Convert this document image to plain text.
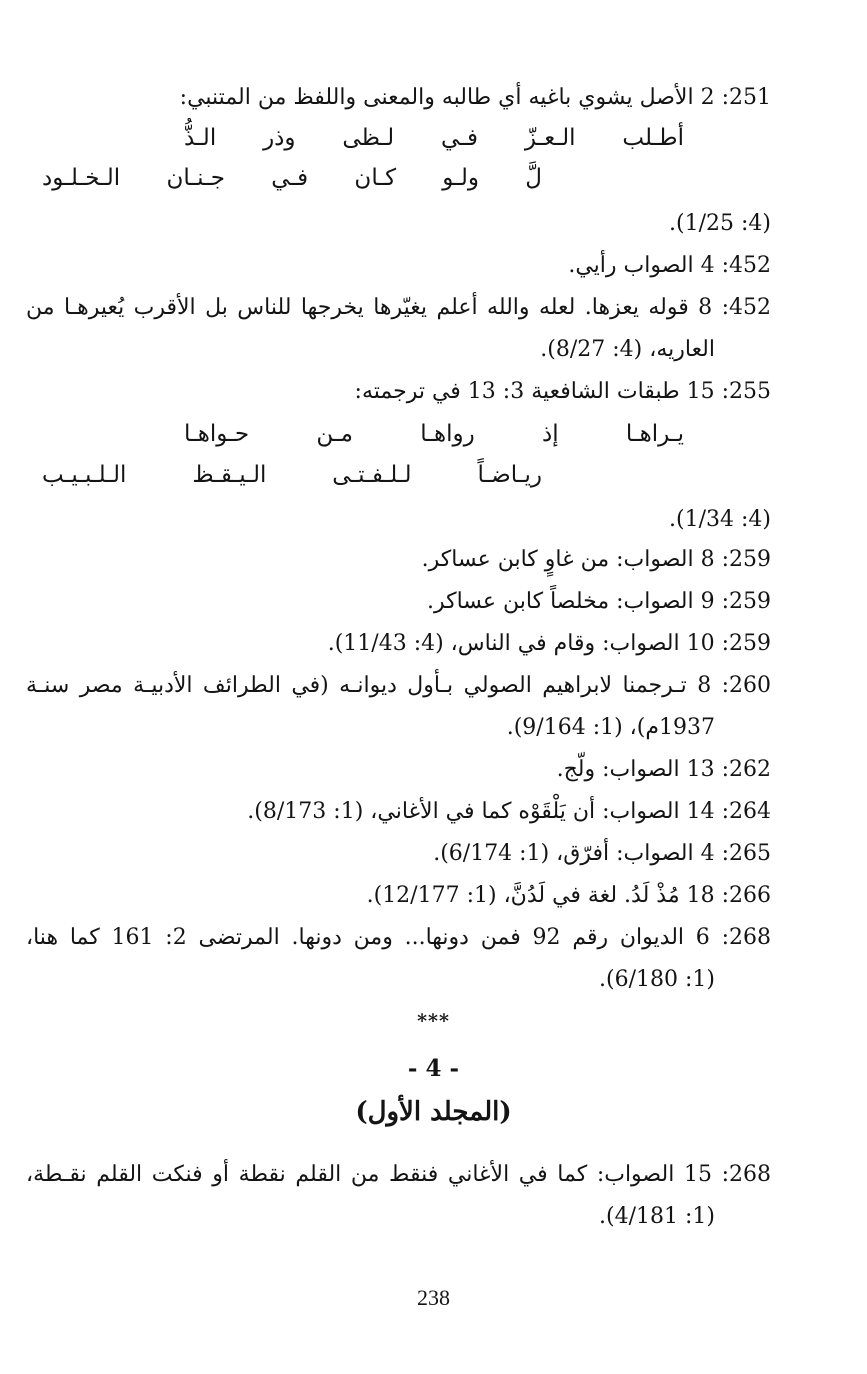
251: 2 الأصل يشوي باغيه أي طالبه والمعنى واللفظ من المتنبي:
أطـلب الـعـزّ فـي لـظى وذر الـذُّ
لَّ ولـو كـان فـي جـنـان الـخـلـود
(4: 1/25).
452: 4 الصواب رأيي.
452: 8 قوله يعزها. لعله والله أعلم يغيّرها يخرجها للناس بل الأقرب يُعيرهـا من
العاريه، (4: 8/27).
255: 15 طبقات الشافعية 3: 13 في ترجمته:
يـراهـا إذ رواهـا مـن حـواهـا
ريـاضـاً لـلـفـتـى الـيـقـظ الـلـبـيـب
(4: 1/34).
259: 8 الصواب: من غاوٍ كابن عساكر.
259: 9 الصواب: مخلصاً كابن عساكر.
259: 10 الصواب: وقام في الناس، (4: 11/43).
260: 8 تـرجمنا لابراهيم الصولي بـأول ديوانـه (في الطرائف الأدبيـة مصر سنـة
1937م)، (1: 9/164).
262: 13 الصواب: ولّج.
264: 14 الصواب: أن يَلْقَوْه كما في الأغاني، (1: 8/173).
265: 4 الصواب: أفرّق، (1: 6/174).
266: 18 مُذْ لَدُ. لغة في لَدُنَّ، (1: 12/177).
268: 6 الديوان رقم 92 فمن دونها... ومن دونها. المرتضى 2: 161 كما هنا،
(1: 6/180).
***
- 4 -
(المجلد الأول)
268: 15 الصواب: كما في الأغاني فنقط من القلم نقطة أو فنكت القلم نقـطة،
(1: 4/181).
238
